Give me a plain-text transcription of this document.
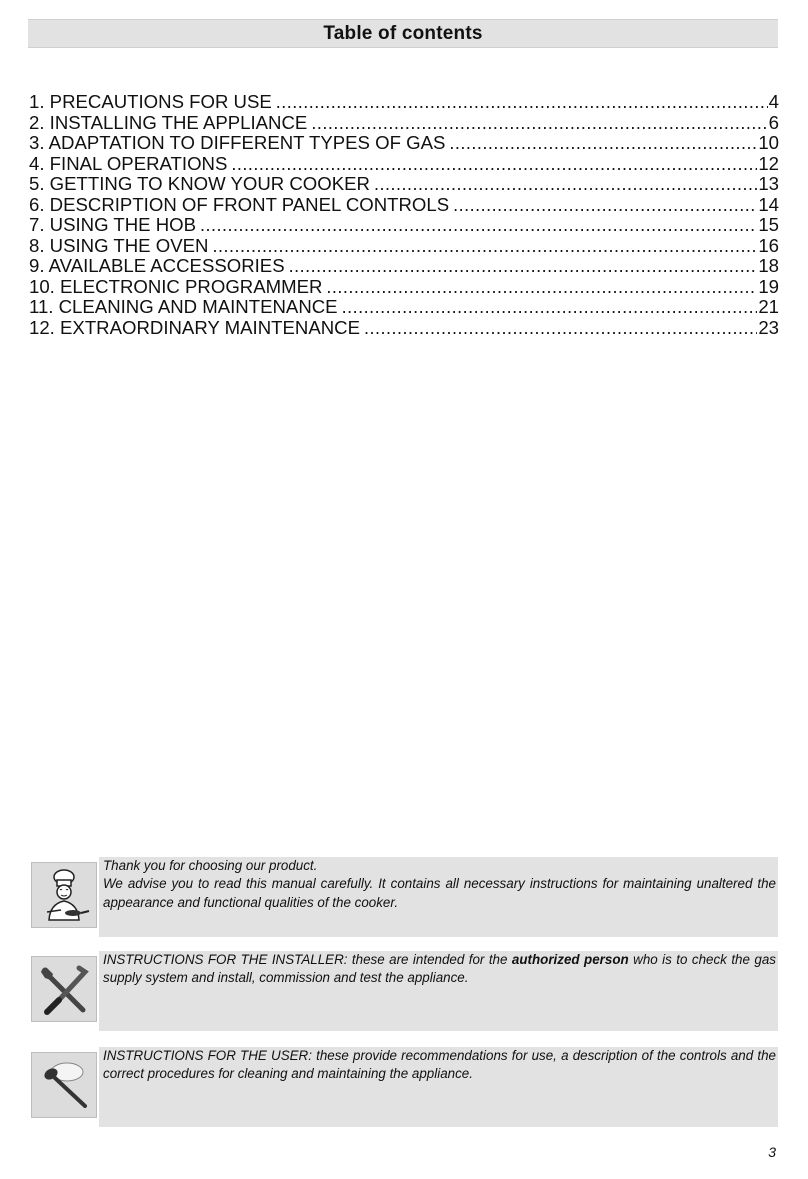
Table of contents
1. PRECAUTIONS FOR USE .....	4
2. INSTALLING THE APPLIANCE .....	6
3. ADAPTATION TO DIFFERENT TYPES OF GAS .....	10
4. FINAL OPERATIONS .....	12
5. GETTING TO KNOW YOUR COOKER .....	13
6. DESCRIPTION OF FRONT PANEL CONTROLS .....	14
7. USING THE HOB .....	15
8. USING THE OVEN .....	16
9. AVAILABLE ACCESSORIES .....	18
10. ELECTRONIC PROGRAMMER .....	19
11. CLEANING AND MAINTENANCE .....	21
12. EXTRAORDINARY MAINTENANCE .....	23

Thank you for choosing our product.

We advise you to read this manual carefully. It contains all necessary instructions for maintaining unaltered the appearance and functional qualities of the cooker.

INSTRUCTIONS FOR THE INSTALLER: these are intended for the authorized person who is to check the gas supply system and install, commission and test the appliance.

INSTRUCTIONS FOR THE USER: these provide recommendations for use, a description of the controls and the correct procedures for cleaning and maintaining the appliance.

3
